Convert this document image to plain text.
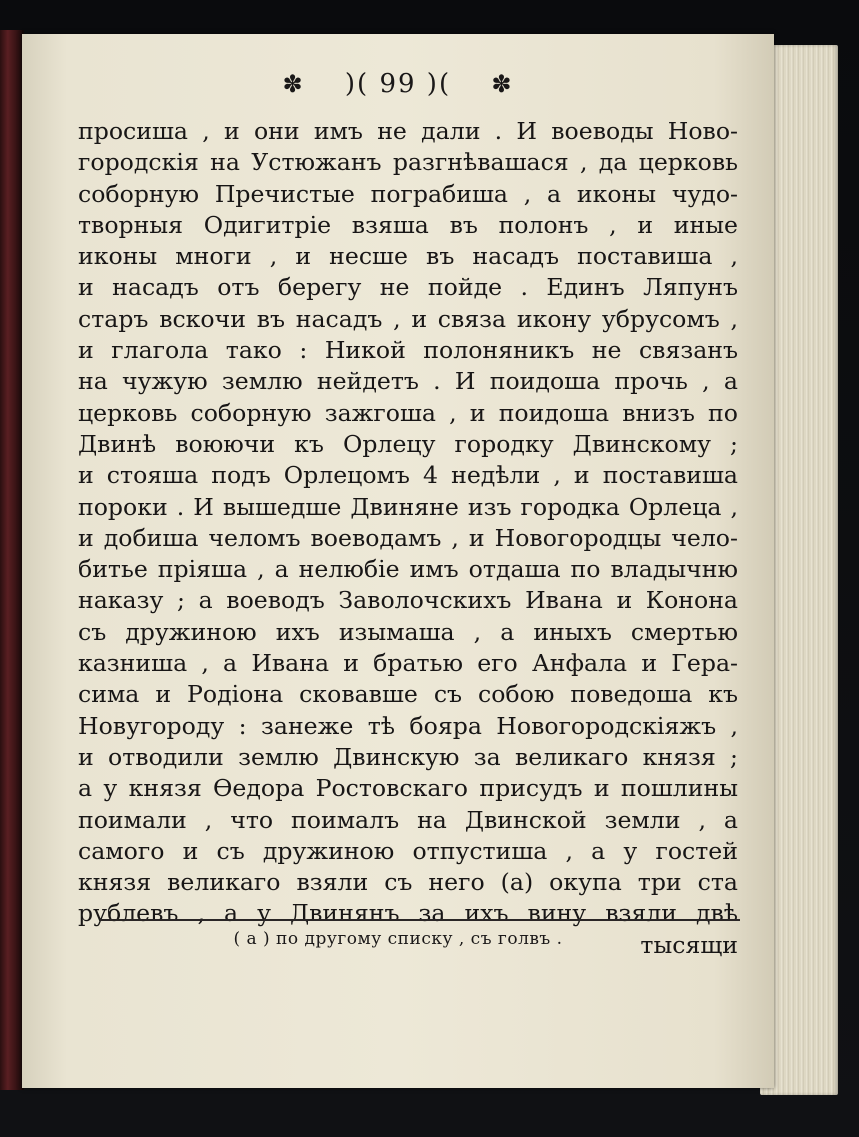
✽ )( 99 )( ✽
просиша , и они имъ не дали . И воеводы Ново-
городскія на Устюжанъ разгнѣвашася , да церковь
соборную Пречистые пограбиша , а иконы чудо-
творныя Одигитріе взяша въ полонъ , и иные
иконы многи , и несше въ насадъ поставиша ,
и насадъ отъ берегу не пойде . Единъ Ляпунъ
старъ вскочи въ насадъ , и связа икону убрусомъ ,
и глагола тако : Никой полоняникъ не связанъ
на чужую землю нейдетъ . И поидоша прочь , а
церковь соборную зажгоша , и поидоша внизъ по
Двинѣ воюючи къ Орлецу городку Двинскому ;
и стояша подъ Орлецомъ 4 недѣли , и поставиша
пороки . И вышедше Двиняне изъ городка Орлеца ,
и добиша челомъ воеводамъ , и Новогородцы чело-
битье пріяша , а нелюбіе имъ отдаша по владычню
наказу ; а воеводъ Заволочскихъ Ивана и Конона
съ дружиною ихъ изымаша , а иныхъ смертью
казниша , а Ивана и братью его Анфала и Гера-
сима и Родіона сковавше съ собою поведоша къ
Новугороду : занеже тѣ бояра Новогородскіяжъ ,
и отводили землю Двинскую за великаго князя ;
а у князя Ѳедора Ростовскаго присудъ и пошлины
поимали , что поималъ на Двинской земли , а
самого и съ дружиною отпустиша , а у гостей
князя великаго взяли съ него (а) окупа три ста
рублевъ , а у Двинянъ за ихъ вину взяли двѣ
тысящи
( а ) по другому списку , съ голвъ .
